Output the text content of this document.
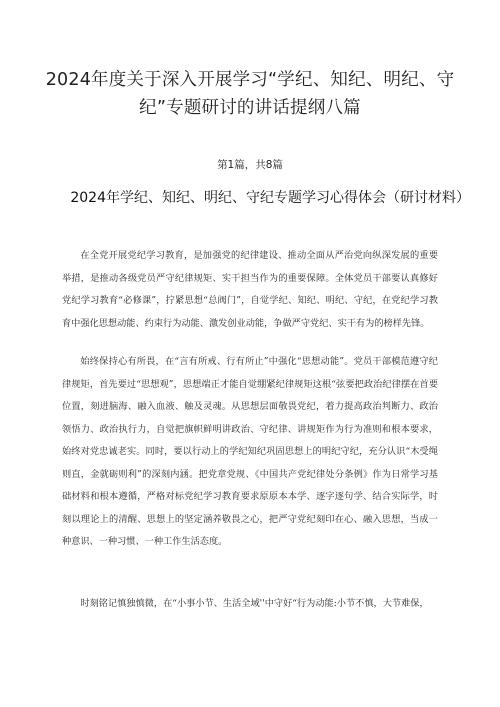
2024年度关于深入开展学习“学纪、知纪、明纪、守纪”专题研讨的讲话提纲八篇
第1篇，共8篇
2024年学纪、知纪、明纪、守纪专题学习心得体会（研讨材料）

在全党开展党纪学习教育，是加强党的纪律建设、推动全面从严治党向纵深发展的重要举措，是推动各级党员严守纪律规矩、实干担当作为的重要保障。全体党员干部要认真修好党纪学习教育“必修课”，拧紧思想“总阀门”，自觉学纪、知纪、明纪、守纪，在党纪学习教育中强化思想动能、约束行为动能、激发创业动能，争做严守党纪、实干有为的榜样先锋。

始终保持心有所畏，在“言有所戒、行有所止”中强化“思想动能”。党员干部模范遵守纪律规矩，首先要过“思想观”，思想端正才能自觉绷紧纪律规矩这根“弦要把政治纪律摆在首要位置，刻进脑海、融入血液、触及灵魂。从思想层面敬畏党纪，着力提高政治判断力、政治领悟力、政治执行力，自觉把旗帜鲜明讲政治、守纪律、讲规矩作为行为准则和根本要求，始终对党忠诚老实。同时，要以行动上的学纪知纪巩固思想上的明纪守纪，充分认识“木受绳则直，金就砺则利”的深刻内涵。把党章党规、《中国共产党纪律处分条例》作为日常学习基础材料和根本遵循，严格对标党纪学习教育要求原原本本学、逐字逐句学、结合实际学，时刻以理论上的清醒、思想上的坚定涵养敬畏之心，把严守党纪刻印在心、融入思想，当成一种意识、一种习惯、一种工作生活态度。

时刻铭记慎独慎微，在“小事小节、生活全域''中守好“行为动能:小节不慎，大节难保，
